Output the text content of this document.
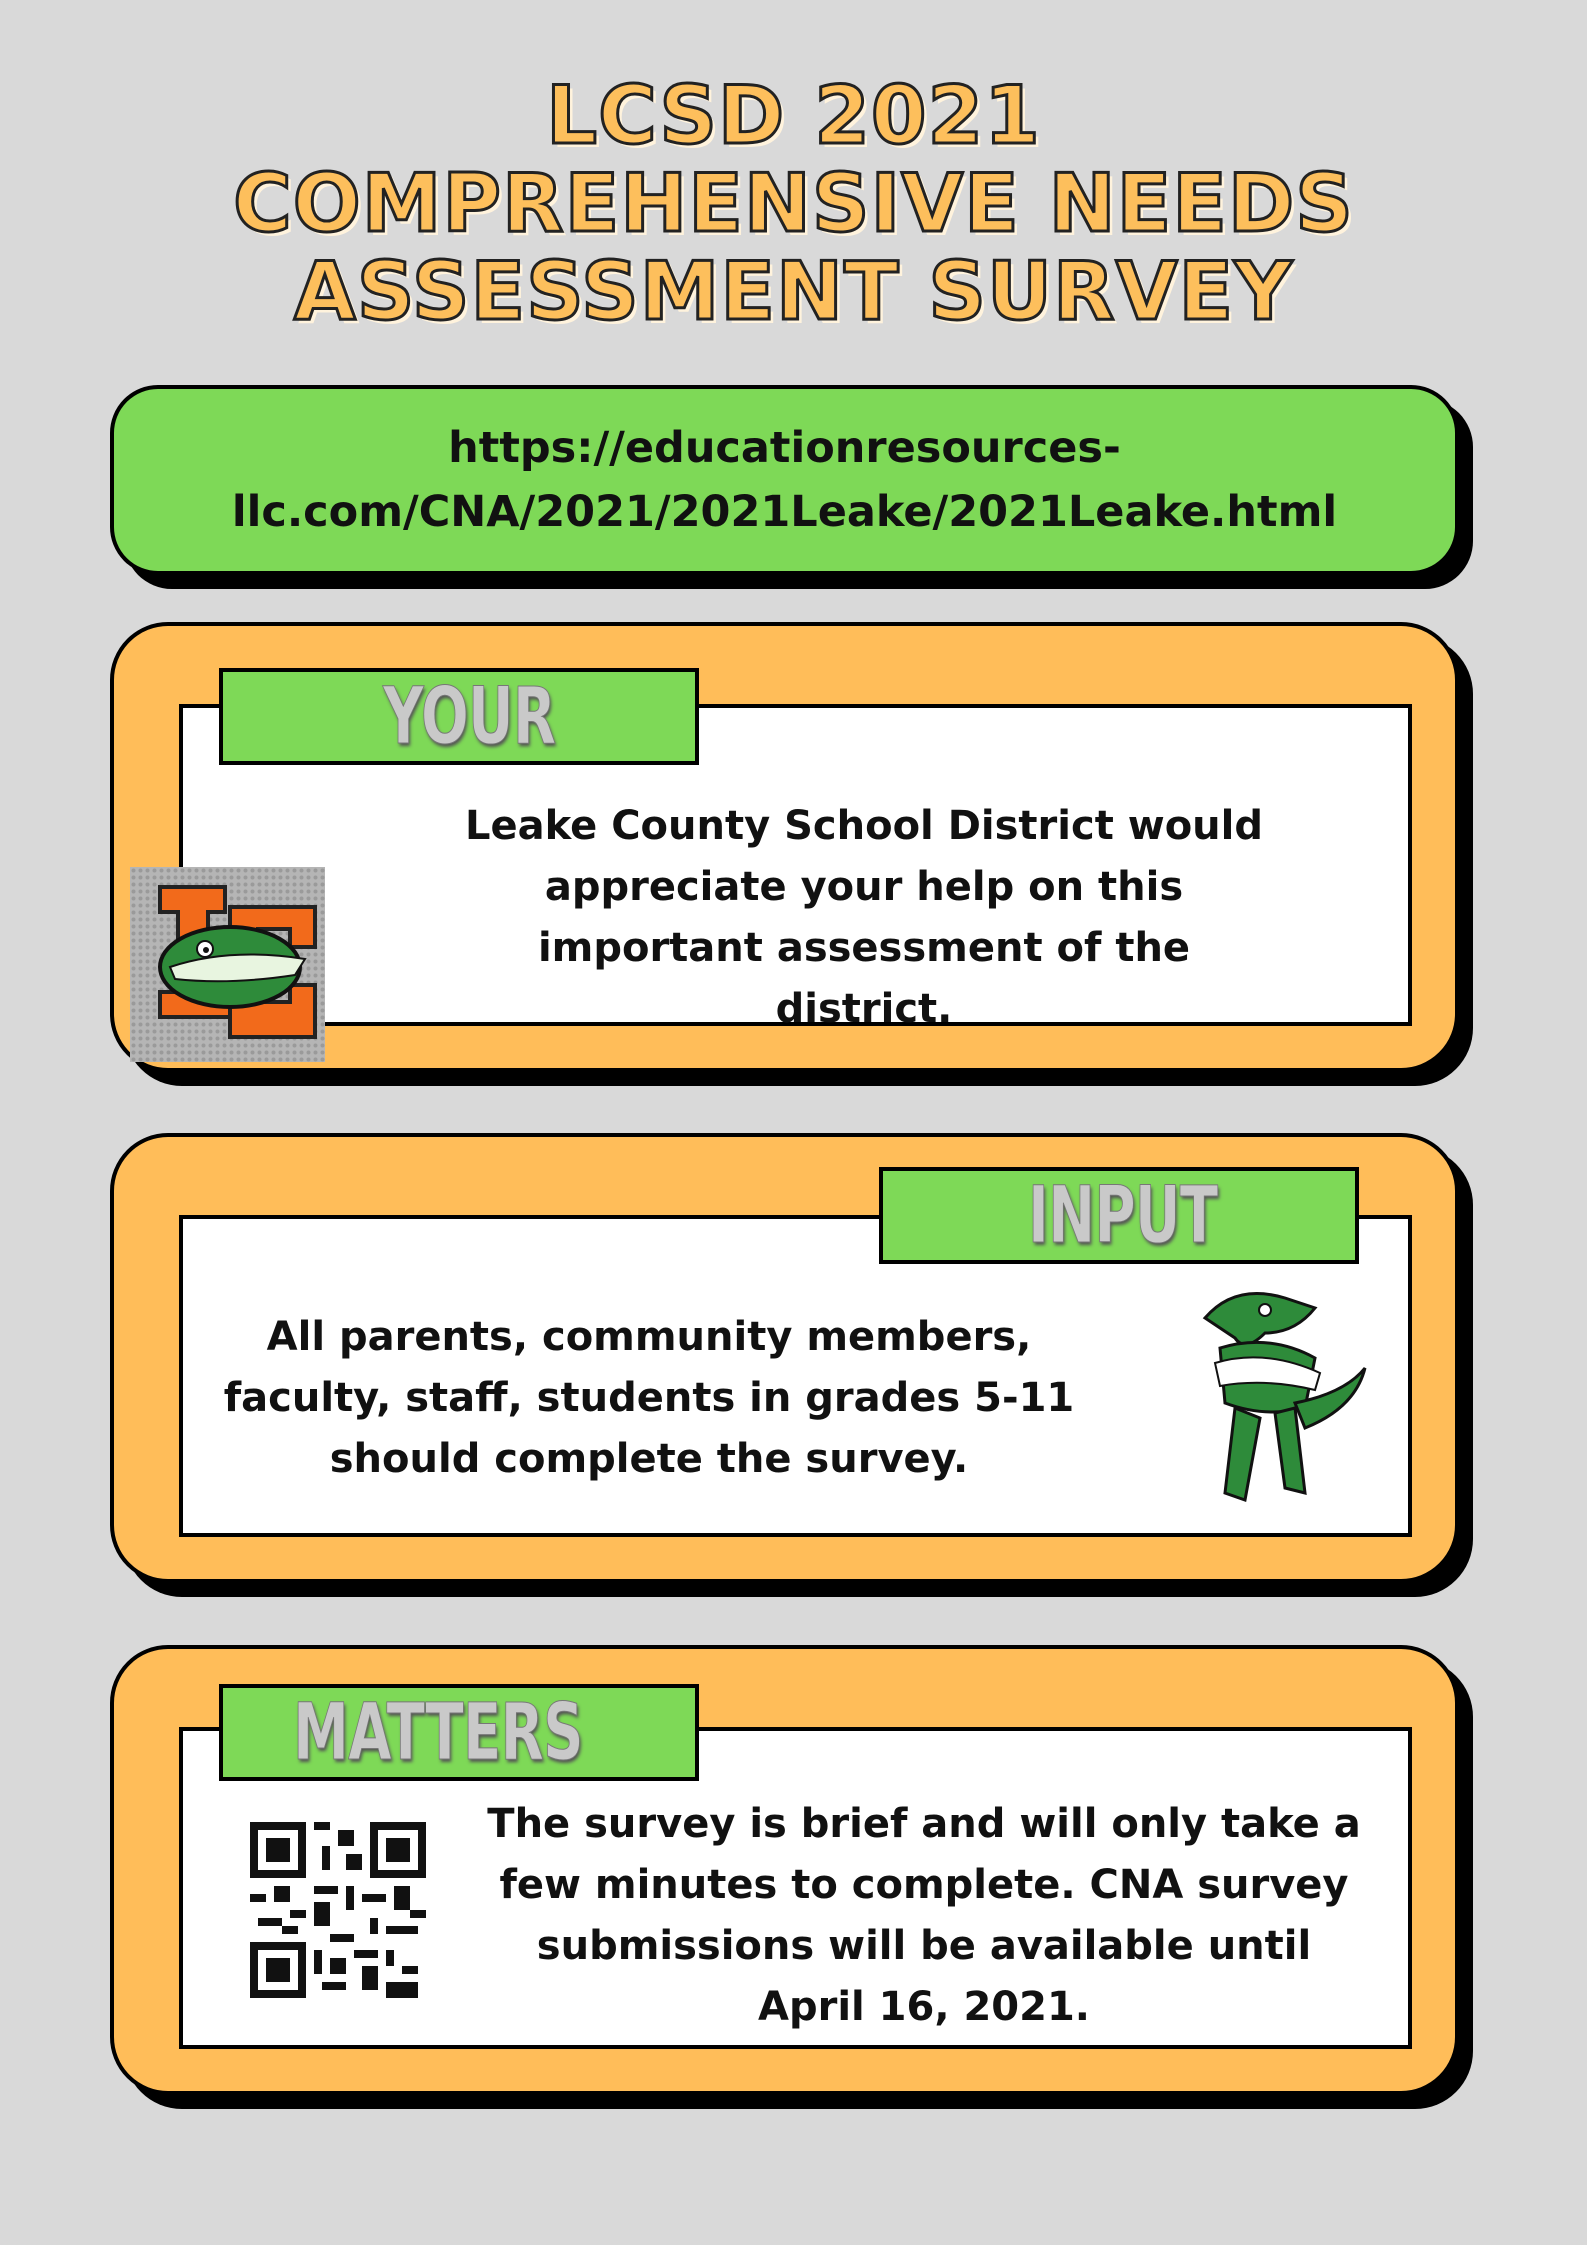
LCSD 2021
COMPREHENSIVE NEEDS
ASSESSMENT SURVEY
https://educationresources-llc.com/CNA/2021/2021Leake/2021Leake.html
YOUR
Leake County School District would appreciate your help on this important assessment of the district.
INPUT
All parents, community members, faculty, staff, students in grades 5-11 should complete the survey.
MATTERS
The survey is brief and will only take a few minutes to complete. CNA survey submissions will be available until April 16, 2021.
